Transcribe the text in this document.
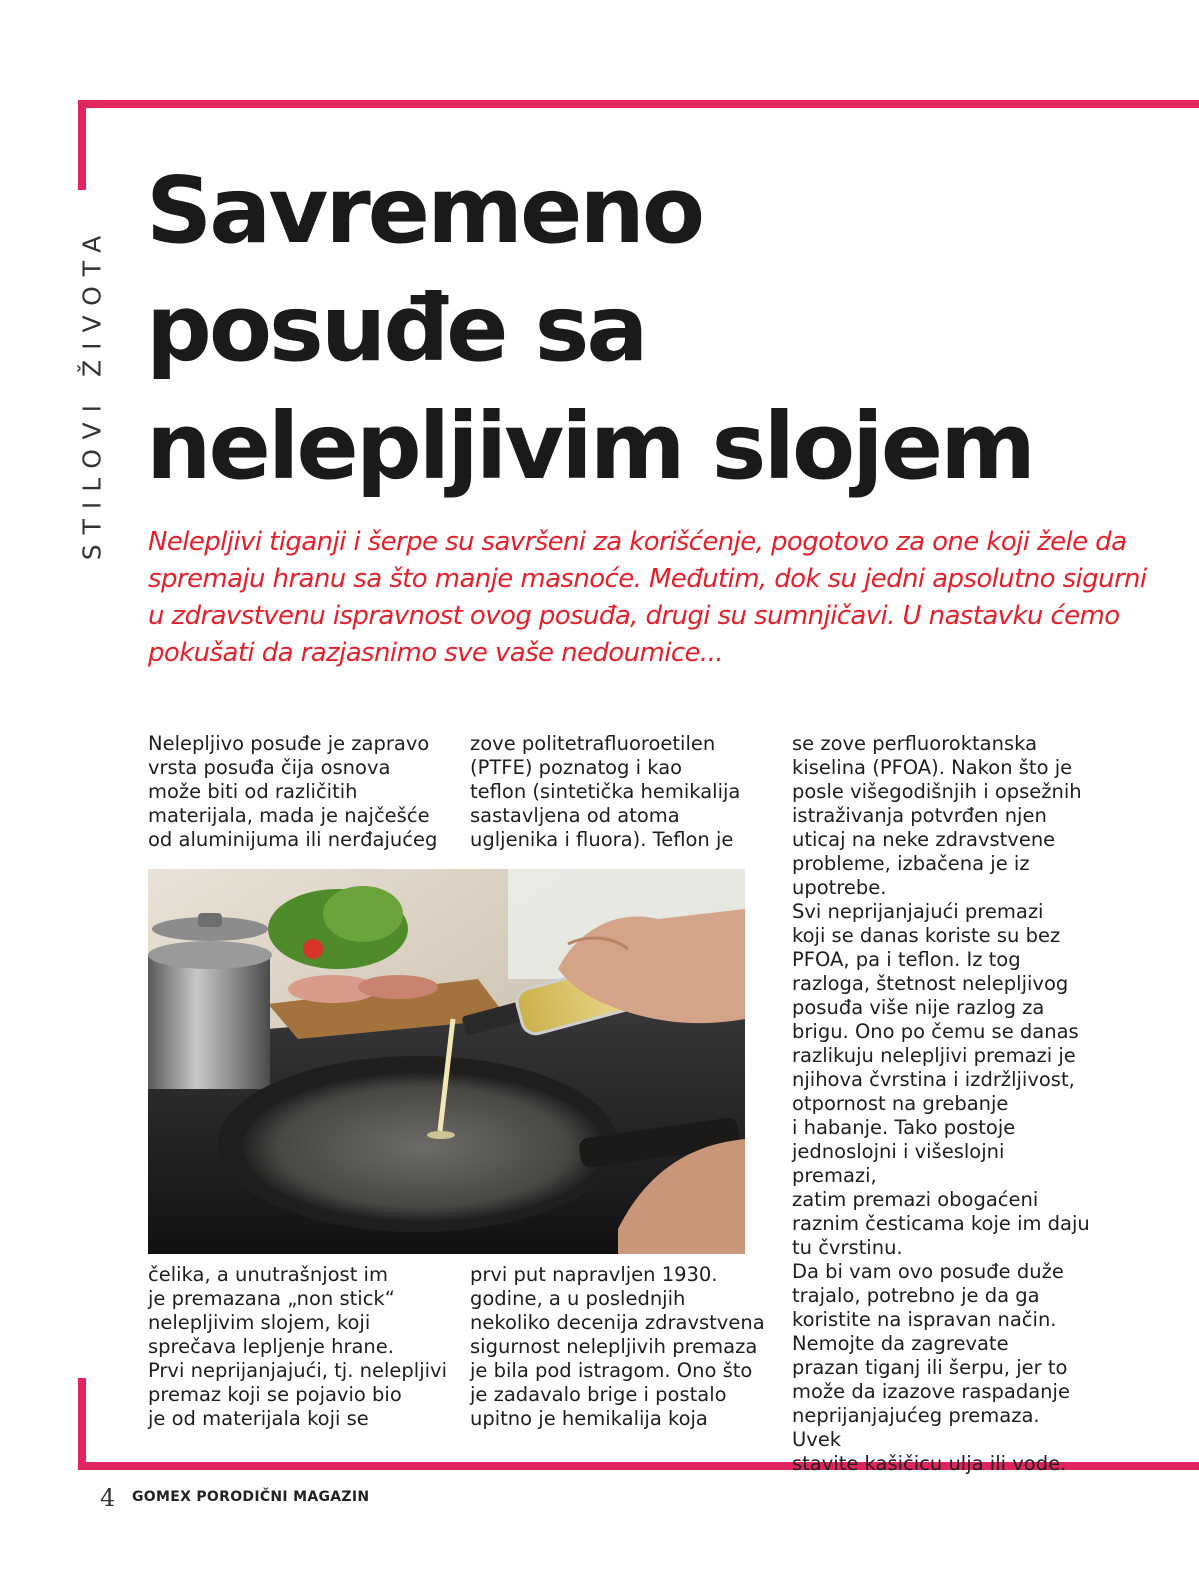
STILOVI ŽIVOTA
Savremeno
posuđe sa
nelepljivim slojem

Nelepljivi tiganji i šerpe su savršeni za korišćenje, pogotovo za one koji žele da spremaju hranu sa što manje masnoće. Međutim, dok su jedni apsolutno sigurni u zdravstvenu ispravnost ovog posuđa, drugi su sumnjičavi. U nastavku ćemo pokušati da razjasnimo sve vaše nedoumice...

Nelepljivo posuđe je zapravo
vrsta posuđa čija osnova
može biti od različitih
materijala, mada je najčešće
od aluminijuma ili nerđajućeg

zove politetrafluoroetilen
(PTFE) poznatog i kao
teflon (sintetička hemikalija
sastavljena od atoma
ugljenika i fluora). Teflon je

se zove perfluoroktanska
kiselina (PFOA). Nakon što je
posle višegodišnjih i opsežnih
istraživanja potvrđen njen
uticaj na neke zdravstvene
probleme, izbačena je iz
upotrebe.
Svi neprijanjajući premazi
koji se danas koriste su bez
PFOA, pa i teflon. Iz tog
razloga, štetnost nelepljivog
posuđa više nije razlog za
brigu. Ono po čemu se danas
razlikuju nelepljivi premazi je
njihova čvrstina i izdržljivost,
otpornost na grebanje
i habanje. Tako postoje
jednoslojni i višeslojni premazi,
zatim premazi obogaćeni
raznim česticama koje im daju
tu čvrstinu.
Da bi vam ovo posuđe duže
trajalo, potrebno je da ga
koristite na ispravan način.
Nemojte da zagrevate
prazan tiganj ili šerpu, jer to
može da izazove raspadanje
neprijanjajućeg premaza. Uvek
stavite kašičicu ulja ili vode.

čelika, a unutrašnjost im
je premazana „non stick“
nelepljivim slojem, koji
sprečava lepljenje hrane.
Prvi neprijanjajući, tj. nelepljivi
premaz koji se pojavio bio
je od materijala koji se

prvi put napravljen 1930.
godine, a u poslednjih
nekoliko decenija zdravstvena
sigurnost nelepljivih premaza
je bila pod istragom. Ono što
je zadavalo brige i postalo
upitno je hemikalija koja

4 GOMEX PORODIČNI MAGAZIN
